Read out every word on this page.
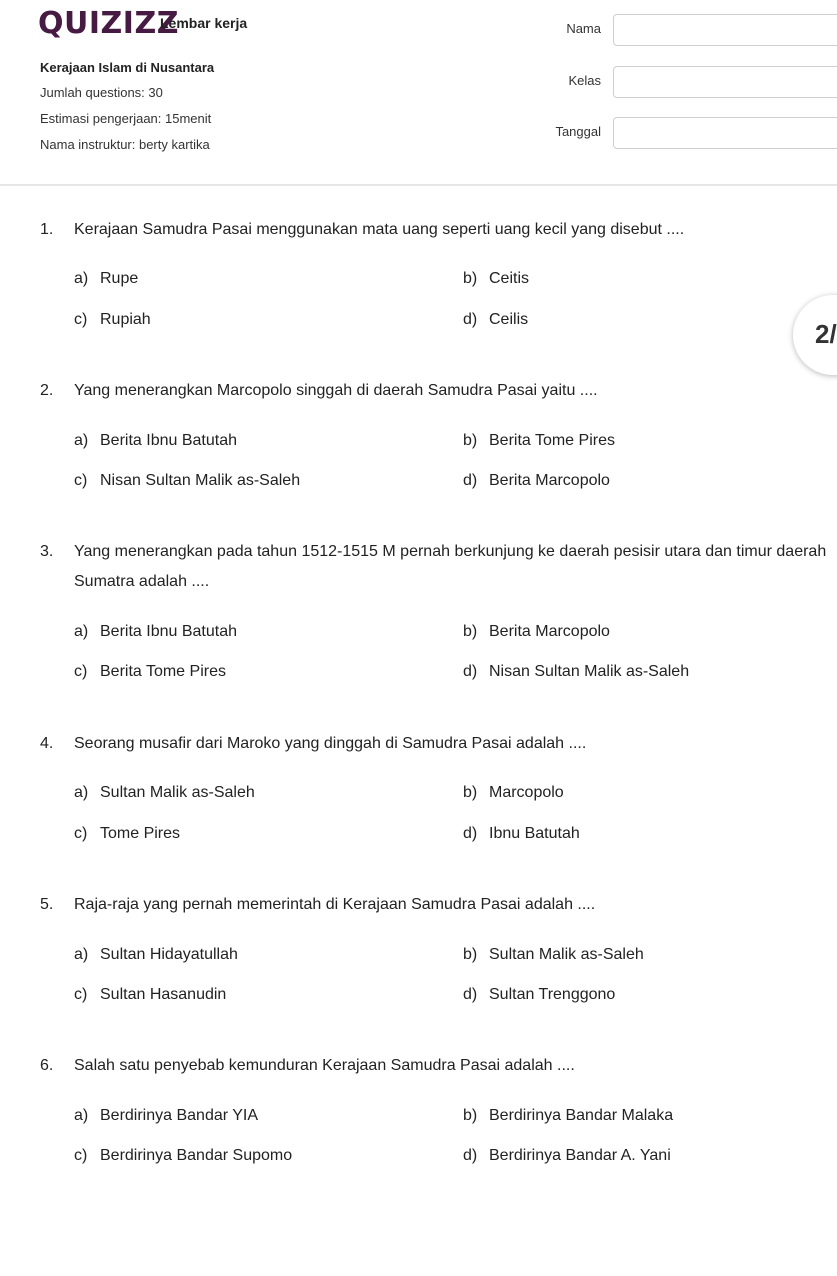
QUIZIZZ
Lembar kerja
Kerajaan Islam di Nusantara
Jumlah questions: 30
Estimasi pengerjaan: 15menit
Nama instruktur: berty kartika
Nama
Kelas
Tanggal
2/
1. Kerajaan Samudra Pasai menggunakan mata uang seperti uang kecil yang disebut ....
a) Rupe	b) Ceitis
c) Rupiah	d) Ceilis
2. Yang menerangkan Marcopolo singgah di daerah Samudra Pasai yaitu ....
a) Berita Ibnu Batutah	b) Berita Tome Pires
c) Nisan Sultan Malik as-Saleh	d) Berita Marcopolo
3. Yang menerangkan pada tahun 1512-1515 M pernah berkunjung ke daerah pesisir utara dan timur daerah Sumatra adalah ....
a) Berita Ibnu Batutah	b) Berita Marcopolo
c) Berita Tome Pires	d) Nisan Sultan Malik as-Saleh
4. Seorang musafir dari Maroko yang dinggah di Samudra Pasai adalah ....
a) Sultan Malik as-Saleh	b) Marcopolo
c) Tome Pires	d) Ibnu Batutah
5. Raja-raja yang pernah memerintah di Kerajaan Samudra Pasai adalah ....
a) Sultan Hidayatullah	b) Sultan Malik as-Saleh
c) Sultan Hasanudin	d) Sultan Trenggono
6. Salah satu penyebab kemunduran Kerajaan Samudra Pasai adalah ....
a) Berdirinya Bandar YIA	b) Berdirinya Bandar Malaka
c) Berdirinya Bandar Supomo	d) Berdirinya Bandar A. Yani
